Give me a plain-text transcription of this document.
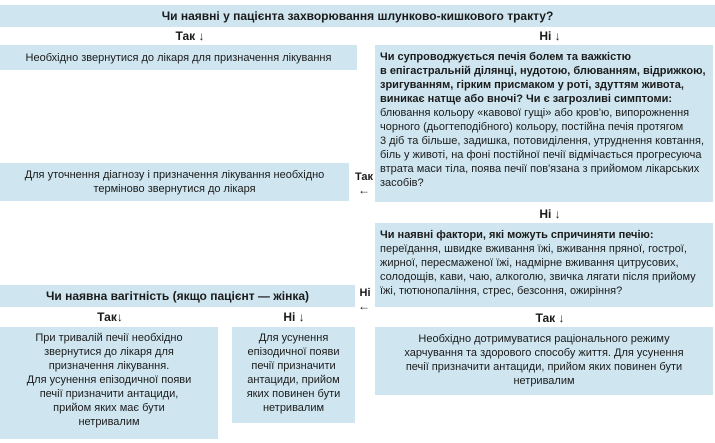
Чи наявні у пацієнта захворювання шлунково-кишкового тракту?
Так ↓	Ні ↓
Необхідно звернутися до лікаря для призначення лікування	Чи супроводжується печія болем та важкістю
в епігастральній ділянці, нудотою, блюванням, відрижкою,
зригуванням, гірким присмаком у роті, здуттям живота,
виникає натще або вночі? Чи є загрозливі симптоми:
блювання кольору «кавової гущі» або кров'ю, випорожнення
чорного (дьогтеподібного) кольору, постійна печія протягом
3 діб та більше, задишка, потовиділення, утруднення ковтання,
біль у животі, на фоні постійної печії відмічається прогресуюча
втрата маси тіла, поява печії пов'язана з прийомом лікарських
засобів?
Так
←
Для уточнення діагнозу і призначення лікування необхідно терміново звернутися до лікаря
Ні ↓
Чи наявні фактори, які можуть спричиняти печію:
переїдання, швидке вживання їжі, вживання пряної, гострої,
жирної, пересмаженої їжі, надмірне вживання цитрусових,
солодощів, кави, чаю, алкоголю, звичка лягати після прийому
їжі, тютюнопаління, стрес, безсоння, ожиріння?
Ні
←
Чи наявна вагітність (якщо пацієнт — жінка)
Так↓	Ні ↓	Так ↓
При тривалій печії необхідно
звернутися до лікаря для
призначення лікування.
Для усунення епізодичної появи
печії призначити антациди,
прийом яких має бути
нетривалим
Для усунення
епізодичної появи
печії призначити
антациди, прийом
яких повинен бути
нетривалим
Необхідно дотримуватися раціонального режиму
харчування та здорового способу життя. Для усунення
печії призначити антациди, прийом яких повинен бути
нетривалим
